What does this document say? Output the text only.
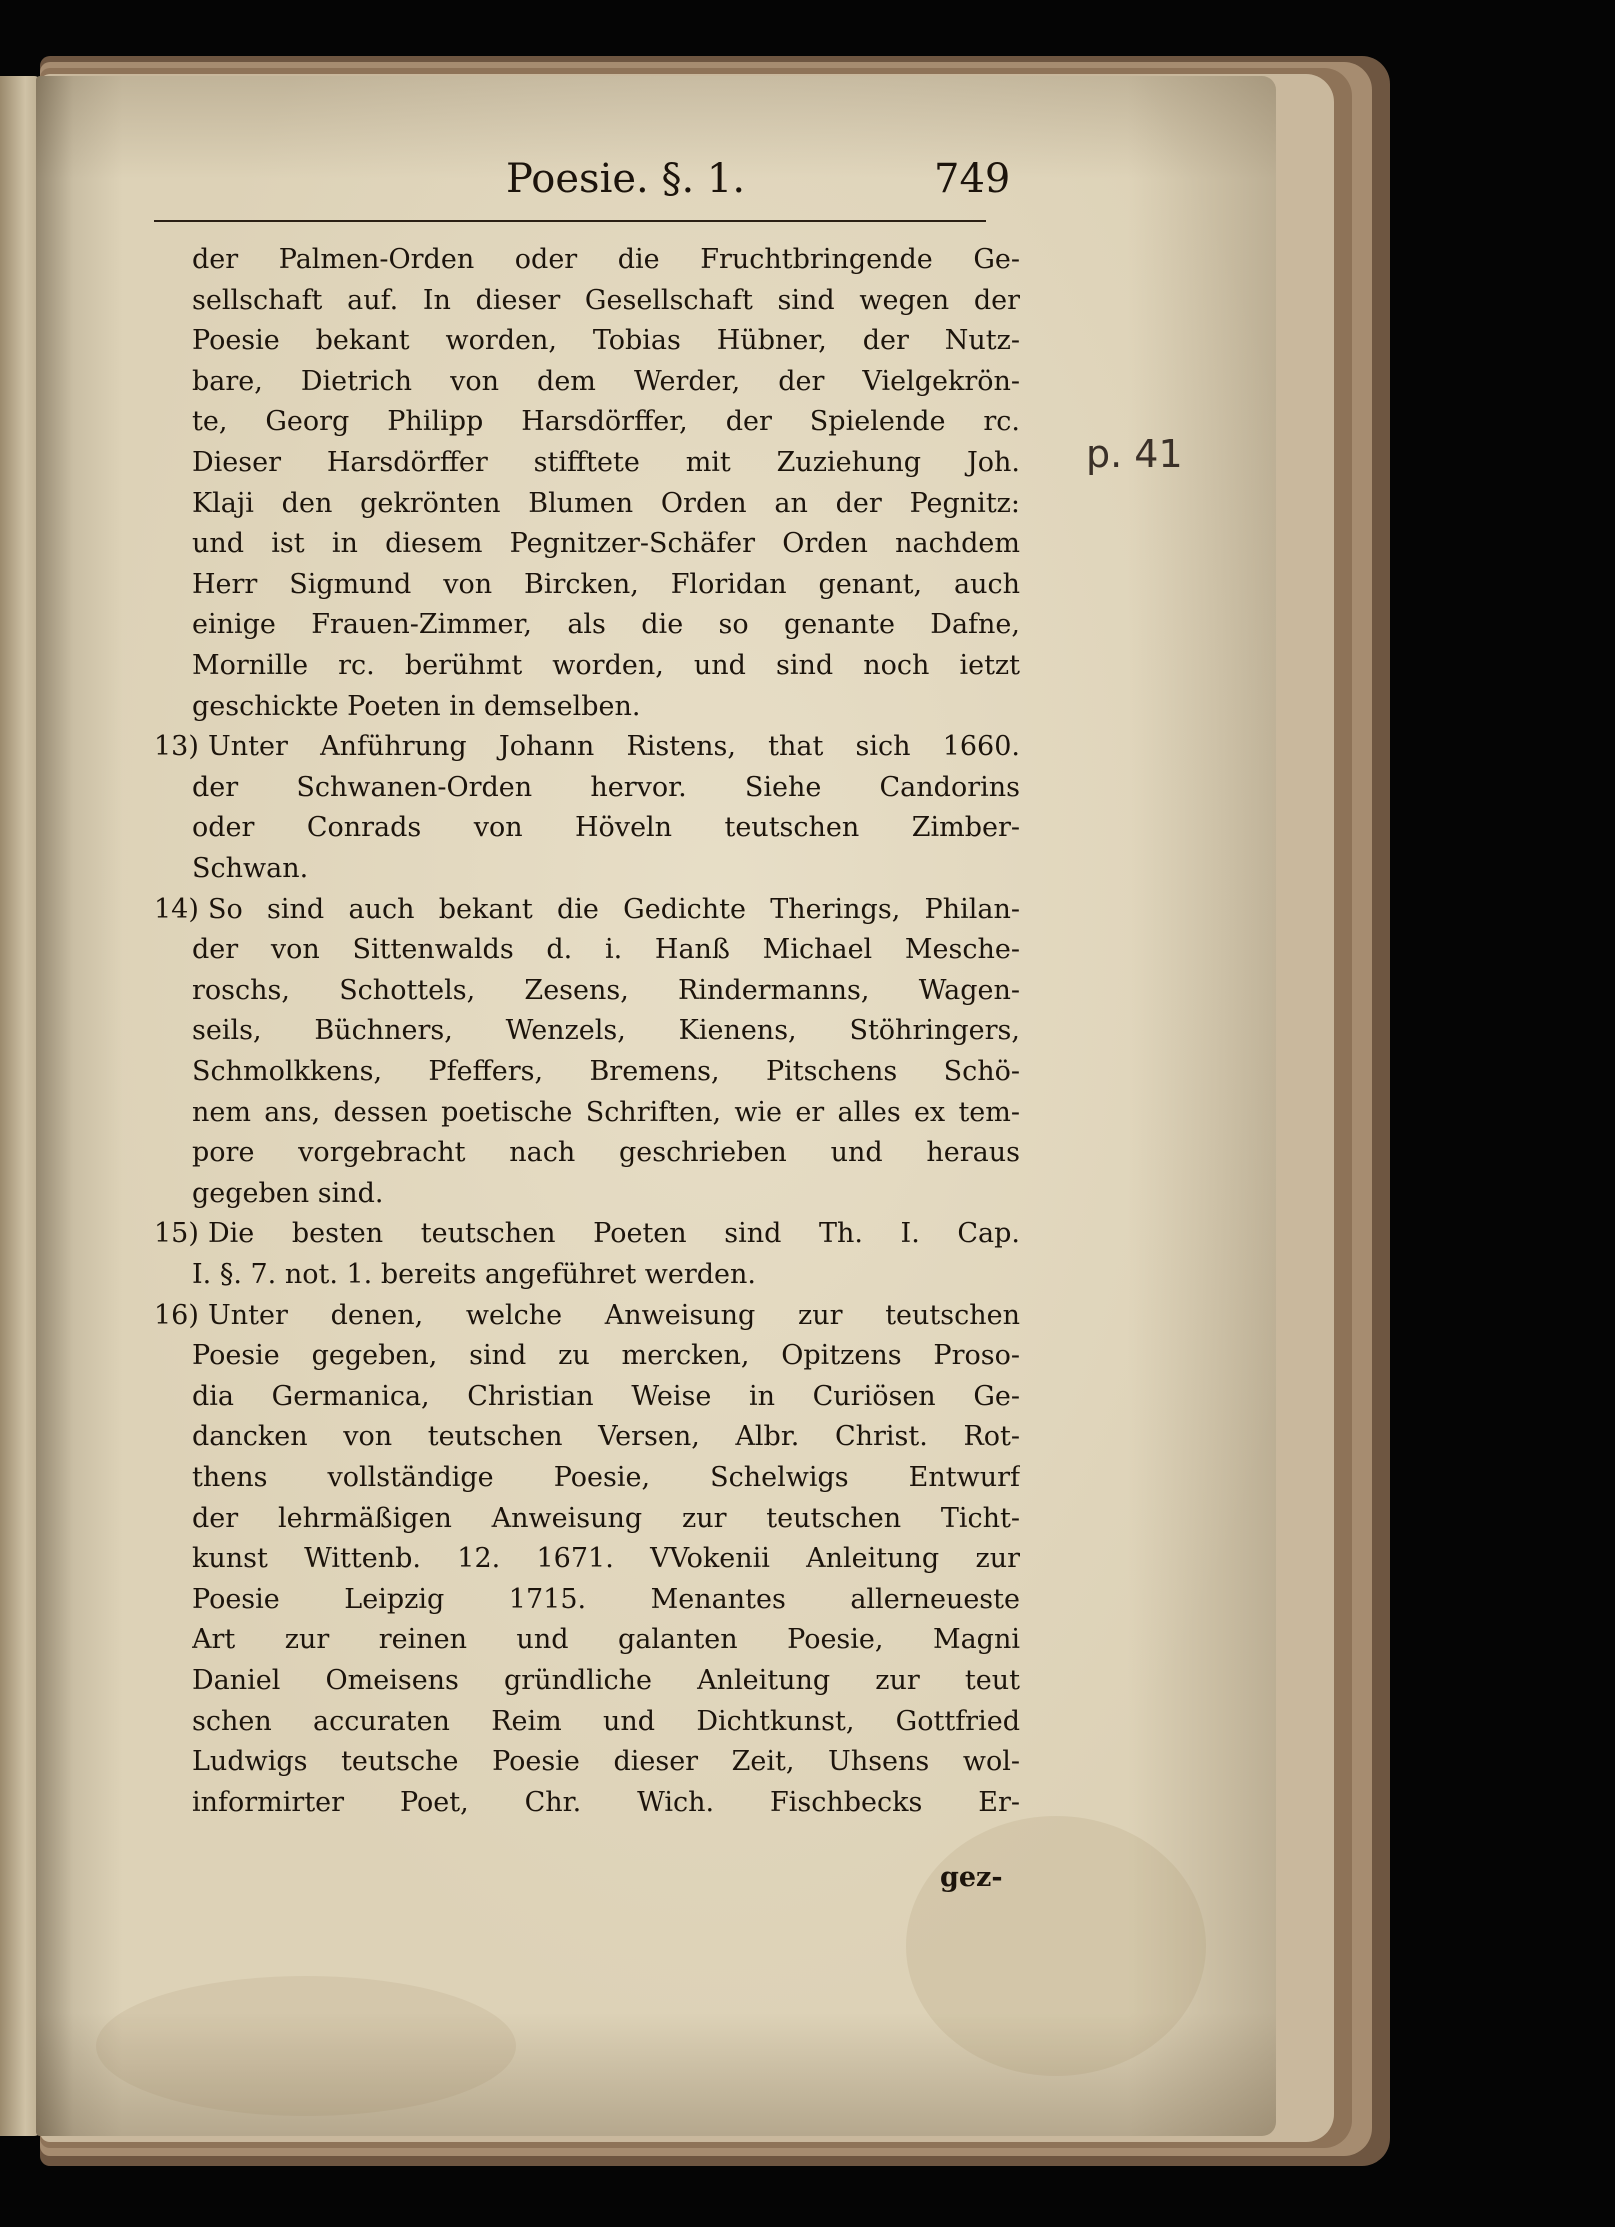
Poesie. §. 1.	749
der Palmen-Orden oder die Fruchtbringende Ge-
sellschaft auf. In dieser Gesellschaft sind wegen der
Poesie bekant worden, Tobias Hübner, der Nutz-
bare, Dietrich von dem Werder, der Vielgekrön-
te, Georg Philipp Harsdörffer, der Spielende rc.
Dieser Harsdörffer stifftete mit Zuziehung Joh.
Klaji den gekrönten Blumen Orden an der Pegnitz:
und ist in diesem Pegnitzer-Schäfer Orden nachdem
Herr Sigmund von Bircken, Floridan genant, auch
einige Frauen-Zimmer, als die so genante Dafne,
Mornille rc. berühmt worden, und sind noch ietzt
geschickte Poeten in demselben.
Unter Anführung Johann Ristens, that sich 1660.
der Schwanen-Orden hervor. Siehe Candorins
oder Conrads von Höveln teutschen Zimber-
Schwan.
So sind auch bekant die Gedichte Therings, Philan-
der von Sittenwalds d. i. Hanß Michael Mesche-
roschs, Schottels, Zesens, Rindermanns, Wagen-
seils, Büchners, Wenzels, Kienens, Stöhringers,
Schmolkkens, Pfeffers, Bremens, Pitschens Schö-
nem ans, dessen poetische Schriften, wie er alles ex tem-
pore vorgebracht nach geschrieben und heraus
gegeben sind.
Die besten teutschen Poeten sind Th. I. Cap.
I. §. 7. not. 1. bereits angeführet werden.
Unter denen, welche Anweisung zur teutschen
Poesie gegeben, sind zu mercken, Opitzens Proso-
dia Germanica, Christian Weise in Curiösen Ge-
dancken von teutschen Versen, Albr. Christ. Rot-
thens vollständige Poesie, Schelwigs Entwurf
der lehrmäßigen Anweisung zur teutschen Ticht-
kunst Wittenb. 12. 1671. VVokenii Anleitung zur
Poesie Leipzig 1715. Menantes allerneueste
Art zur reinen und galanten Poesie, Magni
Daniel Omeisens gründliche Anleitung zur teut
schen accuraten Reim und Dichtkunst, Gottfried
Ludwigs teutsche Poesie dieser Zeit, Uhsens wol-
informirter Poet, Chr. Wich. Fischbecks Er-
13)
14)
15)
16)
gez-
p. 41
